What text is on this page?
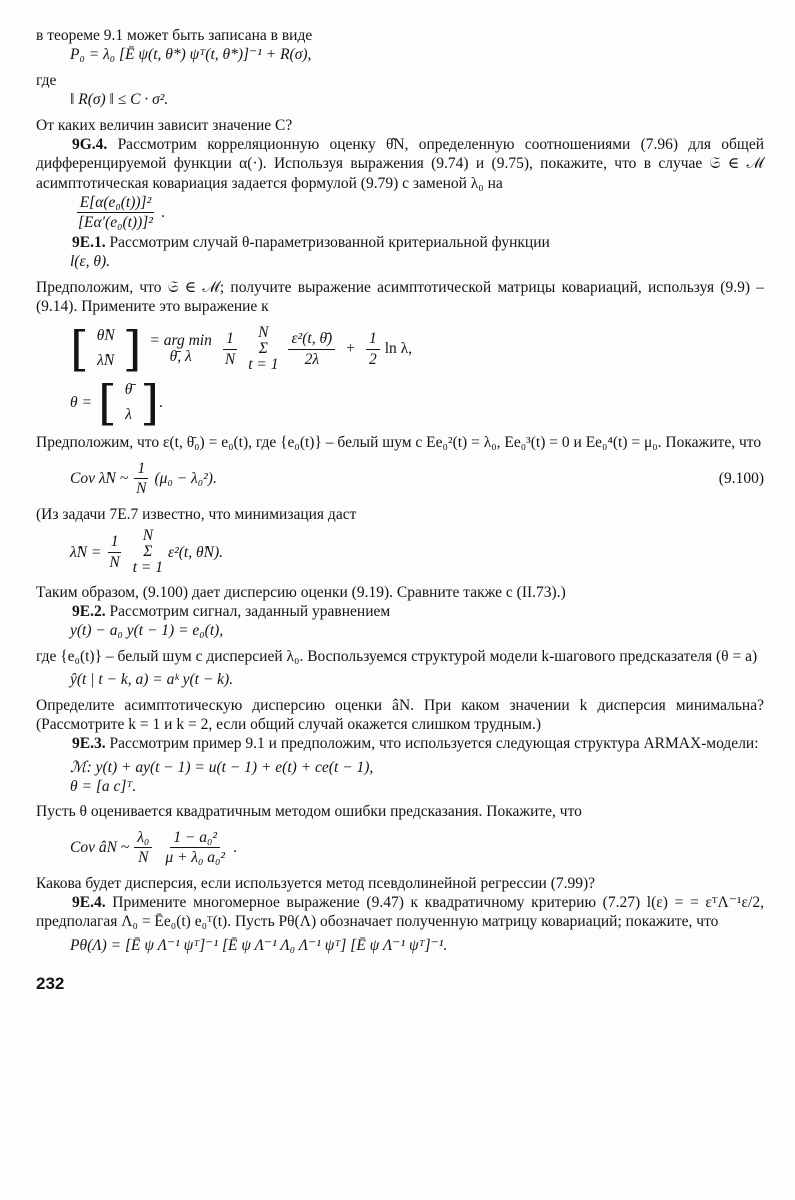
в теореме 9.1 может быть записана в виде

P₀ = λ₀ [Ē ψ(t, θ*) ψᵀ(t, θ*)]⁻¹ + R(σ),

где

‖ R(σ) ‖ ≤ C · σ².

От каких величин зависит значение C?

9G.4. Рассмотрим корреляционную оценку θ̂N, определенную соотношениями (7.96) для общей дифференцируемой функции α(·). Используя выражения (9.74) и (9.75), покажите, что в случае 𝔖 ∈ ℳ асимптотическая ковариация задается формулой (9.79) с заменой λ₀ на

$\frac{\text{E[α(e₀(t))]²}}{\text{[Eα′(e₀(t))]²}}$ .

9E.1. Рассмотрим случай θ-параметризованной критериальной функции

l(ε, θ).

Предположим, что 𝔖 ∈ ℳ; получите выражение асимптотической матрицы ковариаций, используя (9.9) – (9.14). Примените это выражение к

[ θ̂N
λ̂N ] = arg min
θ̄, λ $\frac{1}{N}$ N
Σ
$t = 1 \frac{\text{ε²(t, θ̄)}}{2\lambda} + \frac{1}{2}$ ln λ,
θ = [ θ̄
λ ] .

Предположим, что ε(t, θ̄₀) = e₀(t), где {e₀(t)} – белый шум с Ee₀²(t) = λ₀, Ee₀³(t) = 0 и Ee₀⁴(t) = μ₀. Покажите, что

Cov λ̂N ~ $\frac{1}{N} (\mu_0 - \lambda_0^2)$.	(9.100)

(Из задачи 7E.7 известно, что минимизация даст

λ̂N = $\frac{1}{N}$ N
Σ
t = 1
ε²(t, θ̂N).

Таким образом, (9.100) дает дисперсию оценки (9.19). Сравните также с (II.73).)

9E.2. Рассмотрим сигнал, заданный уравнением

y(t) − a₀ y(t − 1) = e₀(t),

где {e₀(t)} – белый шум с дисперсией λ₀. Воспользуемся структурой модели k-шагового предсказателя (θ = a)

ŷ(t | t − k, a) = aᵏ y(t − k).

Определите асимптотическую дисперсию оценки âN. При каком значении k дисперсия минимальна? (Рассмотрите k = 1 и k = 2, если общий случай окажется слишком трудным.)

9E.3. Рассмотрим пример 9.1 и предположим, что используется следующая структура ARMAX-модели:

ℳ: y(t) + ay(t − 1) = u(t − 1) + e(t) + ce(t − 1),

θ = [a c]ᵀ.

Пусть θ оценивается квадратичным методом ошибки предсказания. Покажите, что

Cov âN ~ $\frac{\text{λ₀}}{N} \frac{\text{1 − a₀²}}{\text{μ + λ₀ a₀²}}$ .

Какова будет дисперсия, если используется метод псевдолинейной регрессии (7.99)?

9E.4. Примените многомерное выражение (9.47) к квадратичному критерию (7.27) l(ε) = = εᵀΛ⁻¹ε/2, предполагая Λ₀ = Ēe₀(t) e₀ᵀ(t). Пусть Pθ(Λ) обозначает полученную матрицу ковариаций; покажите, что

Pθ(Λ) = [Ē ψ Λ⁻¹ ψᵀ]⁻¹ [Ē ψ Λ⁻¹ Λ₀ Λ⁻¹ ψᵀ] [Ē ψ Λ⁻¹ ψᵀ]⁻¹.

232
